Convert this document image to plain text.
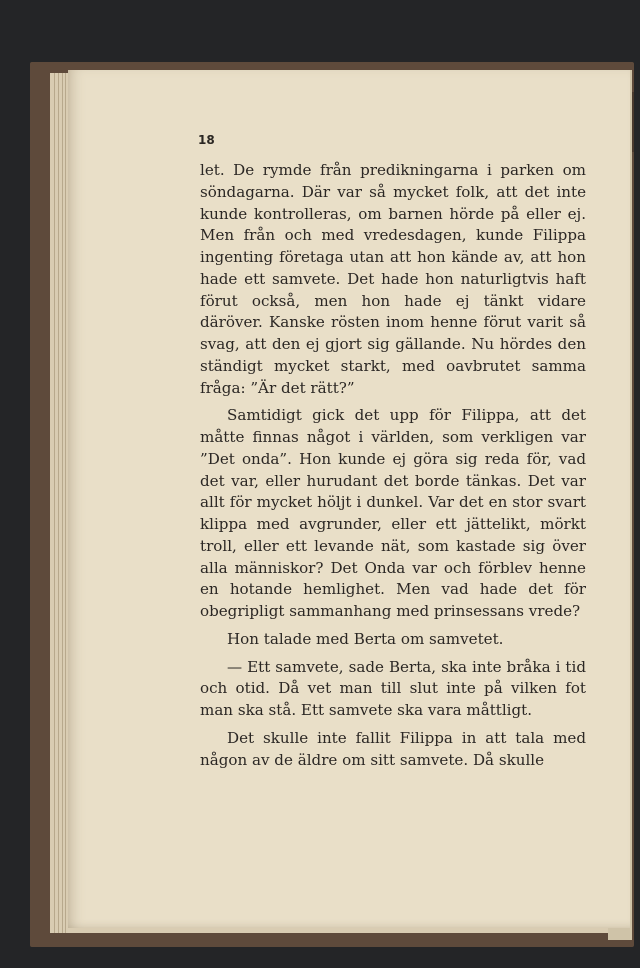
18

let. De rymde från predikningarna i parken om söndagarna. Där var så mycket folk, att det inte kunde kontrolleras, om barnen hörde på eller ej. Men från och med vredesdagen, kunde Filippa ingenting företaga utan att hon kände av, att hon hade ett samvete. Det hade hon naturligtvis haft förut också, men hon hade ej tänkt vidare däröver. Kanske rösten inom henne förut varit så svag, att den ej gjort sig gällande. Nu hördes den ständigt mycket starkt, med oavbrutet samma fråga: ”Är det rätt?”

Samtidigt gick det upp för Filippa, att det måtte finnas något i världen, som verkligen var ”Det onda”. Hon kunde ej göra sig reda för, vad det var, eller hurudant det borde tänkas. Det var allt för mycket höljt i dunkel. Var det en stor svart klippa med avgrunder, eller ett jättelikt, mörkt troll, eller ett levande nät, som kastade sig över alla människor? Det Onda var och förblev henne en hotande hemlighet. Men vad hade det för obegripligt sammanhang med prinsessans vrede?

Hon talade med Berta om samvetet.

— Ett samvete, sade Berta, ska inte bråka i tid och otid. Då vet man till slut inte på vilken fot man ska stå. Ett samvete ska vara måttligt.

Det skulle inte fallit Filippa in att tala med någon av de äldre om sitt samvete. Då skulle
